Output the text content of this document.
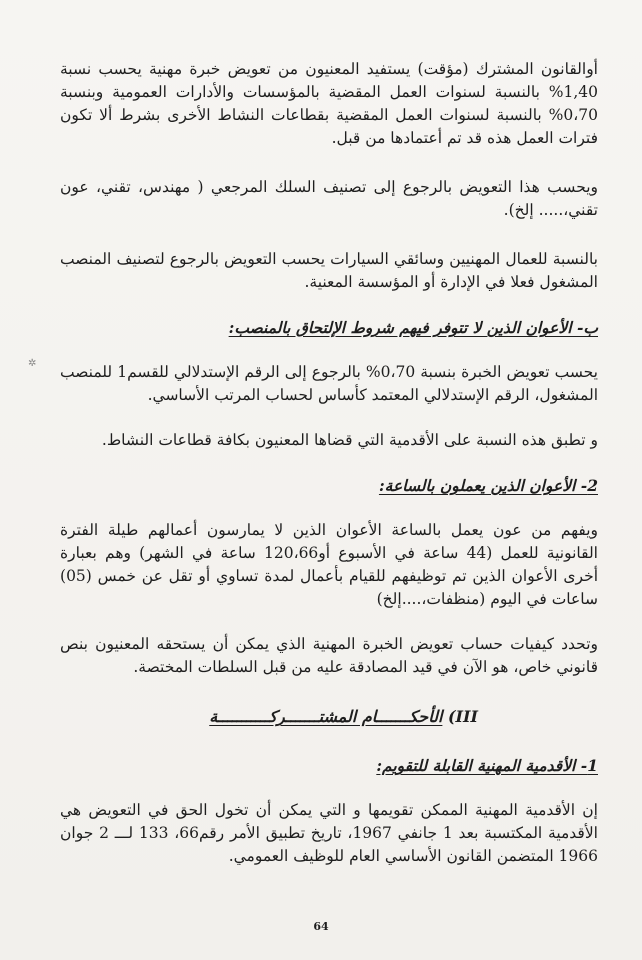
أوالقانون المشترك (مؤقت) يستفيد المعنيون من تعويض خبرة مهنية يحسب نسبة 1,40% بالنسبة لسنوات العمل المقضية بالمؤسسات والأدارات العمومية وبنسبة 0،70% بالنسبة لسنوات العمل المقضية بقطاعات النشاط الأخرى بشرط ألا تكون فترات العمل هذه قد تم أعتمادها من قبل.

ويحسب هذا التعويض بالرجوع إلى تصنيف السلك المرجعي ( مهندس، تقني، عون تقني،..... إلخ).

بالنسبة للعمال المهنيين وسائقي السيارات يحسب التعويض بالرجوع لتصنيف المنصب المشغول فعلا في الإدارة أو المؤسسة المعنية.

ب- الأعوان الذين لا تتوفر فيهم شروط الإلتحاق بالمنصب:

يحسب تعويض الخبرة بنسبة 0،70% بالرجوع إلى الرقم الإستدلالي للقسم1 للمنصب المشغول، الرقم الإستدلالي المعتمد كأساس لحساب المرتب الأساسي.

و تطبق هذه النسبة على الأقدمية التي قضاها المعنيون بكافة قطاعات النشاط.

2- الأعوان الذين يعملون بالساعة:

ويفهم من عون يعمل بالساعة الأعوان الذين لا يمارسون أعمالهم طيلة الفترة القانونية للعمل (44 ساعة في الأسبوع أو120،66 ساعة في الشهر) وهم بعبارة أخرى الأعوان الذين تم توظيفهم للقيام بأعمال لمدة تساوي أو تقل عن خمس (05) ساعات في اليوم (منظفات،....إلخ)

وتحدد كيفيات حساب تعويض الخبرة المهنية الذي يمكن أن يستحقه المعنيون بنص قانوني خاص، هو الآن في قيد المصادقة عليه من قبل السلطات المختصة.

III) الأحكـــــــام المشتـــــــركـــــــــــة

1- الأقدمية المهنية القابلة للتقويم:

إن الأقدمية المهنية الممكن تقويمها و التي يمكن أن تخول الحق في التعويض هي الأقدمية المكتسبة بعد 1 جانفي 1967، تاريخ تطبيق الأمر رقم66، 133 لـــ 2 جوان 1966 المتضمن القانون الأساسي العام للوظيف العمومي.

✲
64
